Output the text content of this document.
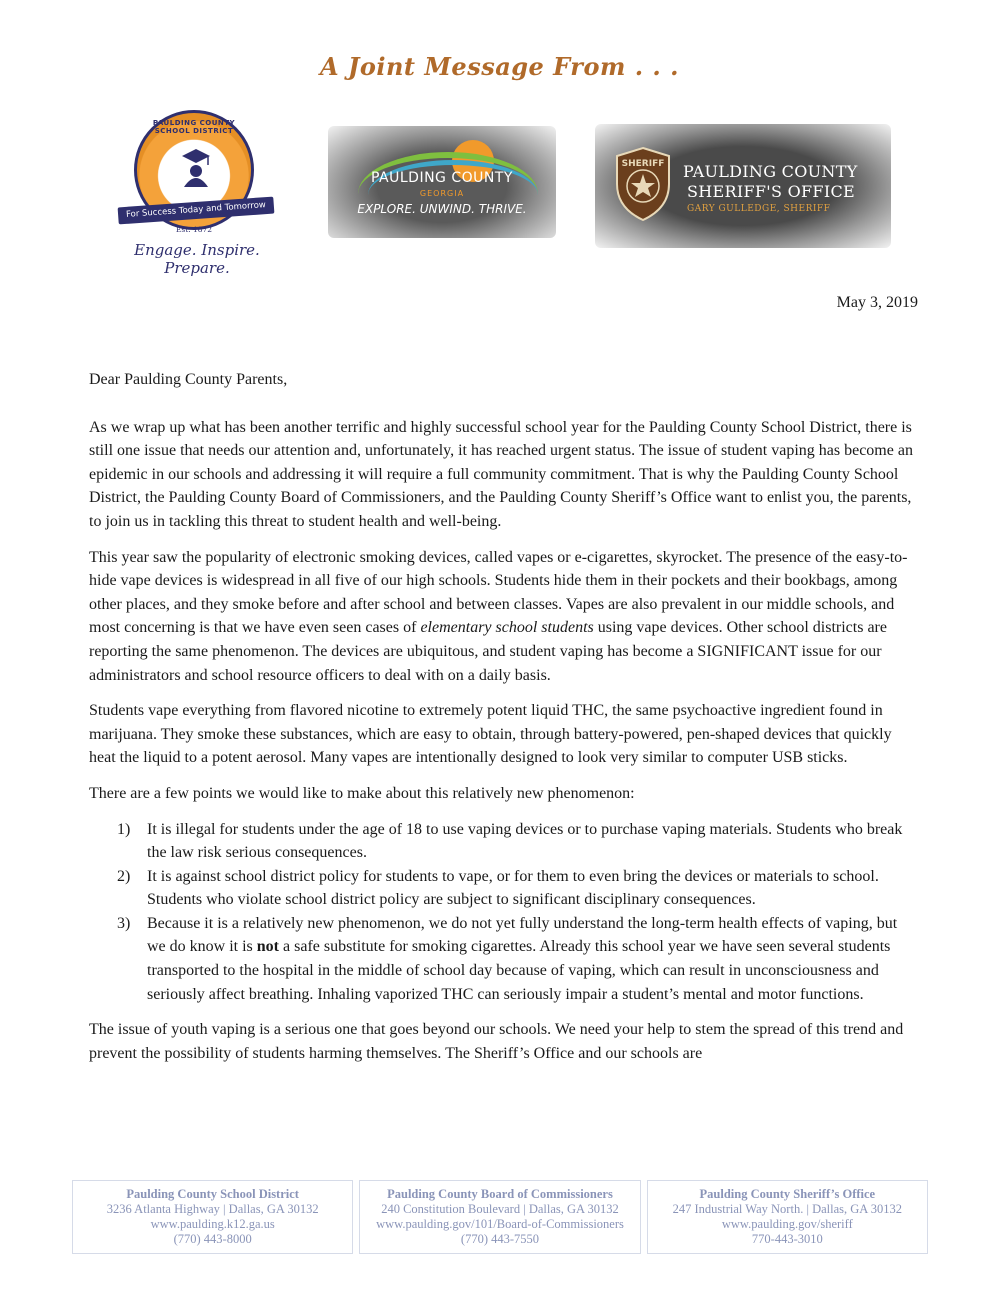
A Joint Message From . . .
PAULDING COUNTY SCHOOL DISTRICT
For Success Today and Tomorrow
Est. 1872
Engage. Inspire. Prepare.
PAULDING COUNTY
GEORGIA
EXPLORE. UNWIND. THRIVE.
SHERIFF PAULDING COUNTY
SHERIFF'S OFFICE
GARY GULLEDGE, SHERIFF
May 3, 2019

Dear Paulding County Parents,

As we wrap up what has been another terrific and highly successful school year for the Paulding County School District, there is still one issue that needs our attention and, unfortunately, it has reached urgent status. The issue of student vaping has become an epidemic in our schools and addressing it will require a full community commitment. That is why the Paulding County School District, the Paulding County Board of Commissioners, and the Paulding County Sheriff’s Office want to enlist you, the parents, to join us in tackling this threat to student health and well-being.

This year saw the popularity of electronic smoking devices, called vapes or e-cigarettes, skyrocket. The presence of the easy-to-hide vape devices is widespread in all five of our high schools. Students hide them in their pockets and their bookbags, among other places, and they smoke before and after school and between classes. Vapes are also prevalent in our middle schools, and most concerning is that we have even seen cases of elementary school students using vape devices. Other school districts are reporting the same phenomenon. The devices are ubiquitous, and student vaping has become a SIGNIFICANT issue for our administrators and school resource officers to deal with on a daily basis.

Students vape everything from flavored nicotine to extremely potent liquid THC, the same psychoactive ingredient found in marijuana. They smoke these substances, which are easy to obtain, through battery-powered, pen-shaped devices that quickly heat the liquid to a potent aerosol. Many vapes are intentionally designed to look very similar to computer USB sticks.

There are a few points we would like to make about this relatively new phenomenon:

1) It is illegal for students under the age of 18 to use vaping devices or to purchase vaping materials. Students who break the law risk serious consequences.
2) It is against school district policy for students to vape, or for them to even bring the devices or materials to school. Students who violate school district policy are subject to significant disciplinary consequences.
3) Because it is a relatively new phenomenon, we do not yet fully understand the long-term health effects of vaping, but we do know it is not a safe substitute for smoking cigarettes. Already this school year we have seen several students transported to the hospital in the middle of school day because of vaping, which can result in unconsciousness and seriously affect breathing. Inhaling vaporized THC can seriously impair a student’s mental and motor functions.

The issue of youth vaping is a serious one that goes beyond our schools. We need your help to stem the spread of this trend and prevent the possibility of students harming themselves. The Sheriff’s Office and our schools are

Paulding County School District
3236 Atlanta Highway | Dallas, GA 30132
www.paulding.k12.ga.us
(770) 443-8000
Paulding County Board of Commissioners
240 Constitution Boulevard | Dallas, GA 30132
www.paulding.gov/101/Board-of-Commissioners
(770) 443-7550
Paulding County Sheriff’s Office
247 Industrial Way North. | Dallas, GA 30132
www.paulding.gov/sheriff
770-443-3010
